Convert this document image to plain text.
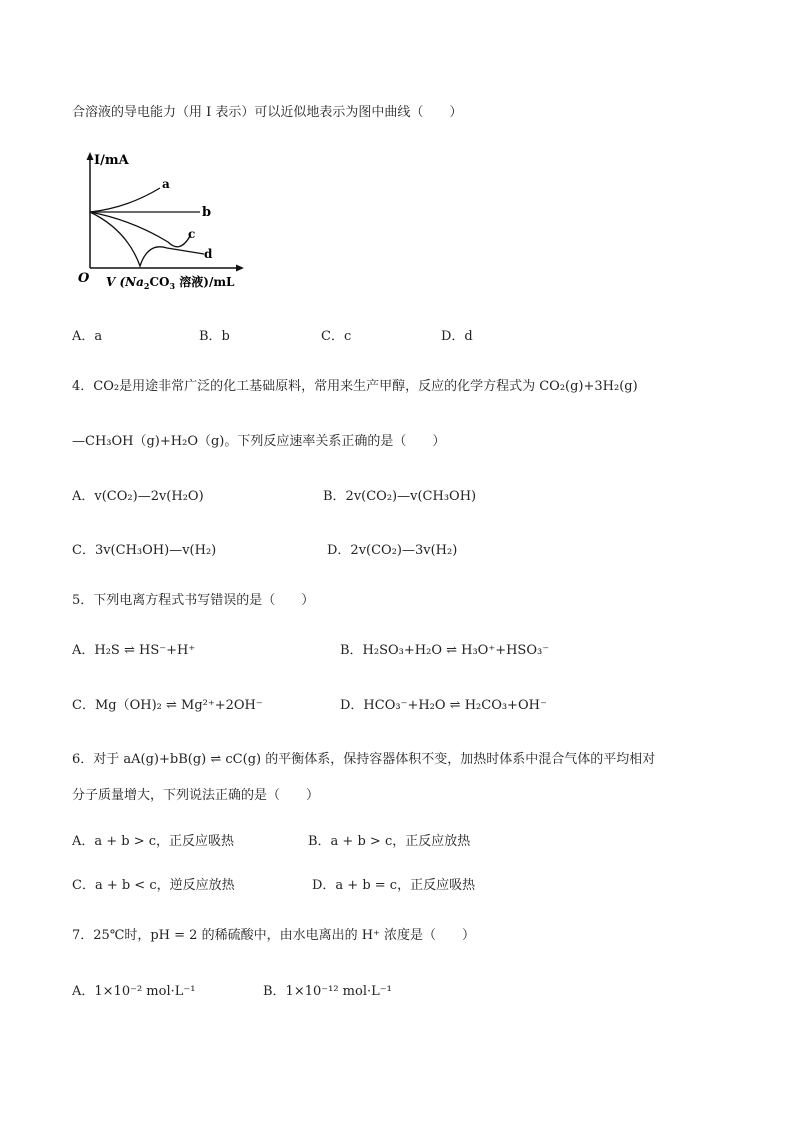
合溶液的导电能力（用 I 表示）可以近似地表示为图中曲线（　　）
I/mA
a
b
c
d
O V ($Na_2CO_3$ 溶液)/mL
A．a	B．b	C．c	D．d
4．CO₂是用途非常广泛的化工基础原料，常用来生产甲醇，反应的化学方程式为 CO₂(g)+3H₂(g)
—CH₃OH（g)+H₂O（g)。下列反应速率关系正确的是（　　）
A．v(CO₂)—2v(H₂O)	B．2v(CO₂)—v(CH₃OH)
C．3v(CH₃OH)—v(H₂)	D．2v(CO₂)—3v(H₂)
5．下列电离方程式书写错误的是（　　）
A．H₂S ⇌ HS⁻+H⁺	B．H₂SO₃+H₂O ⇌ H₃O⁺+HSO₃⁻
C．Mg（OH)₂ ⇌ Mg²⁺+2OH⁻	D．HCO₃⁻+H₂O ⇌ H₂CO₃+OH⁻
6．对于 aA(g)+bB(g) ⇌ cC(g) 的平衡体系，保持容器体积不变，加热时体系中混合气体的平均相对
分子质量增大，下列说法正确的是（　　）
A．a + b > c，正反应吸热	B．a + b > c，正反应放热
C．a + b < c，逆反应放热	D．a + b = c，正反应吸热
7．25℃时，pH = 2 的稀硫酸中，由水电离出的 H⁺ 浓度是（　　）
A．1×10⁻² mol·L⁻¹	B．1×10⁻¹² mol·L⁻¹
